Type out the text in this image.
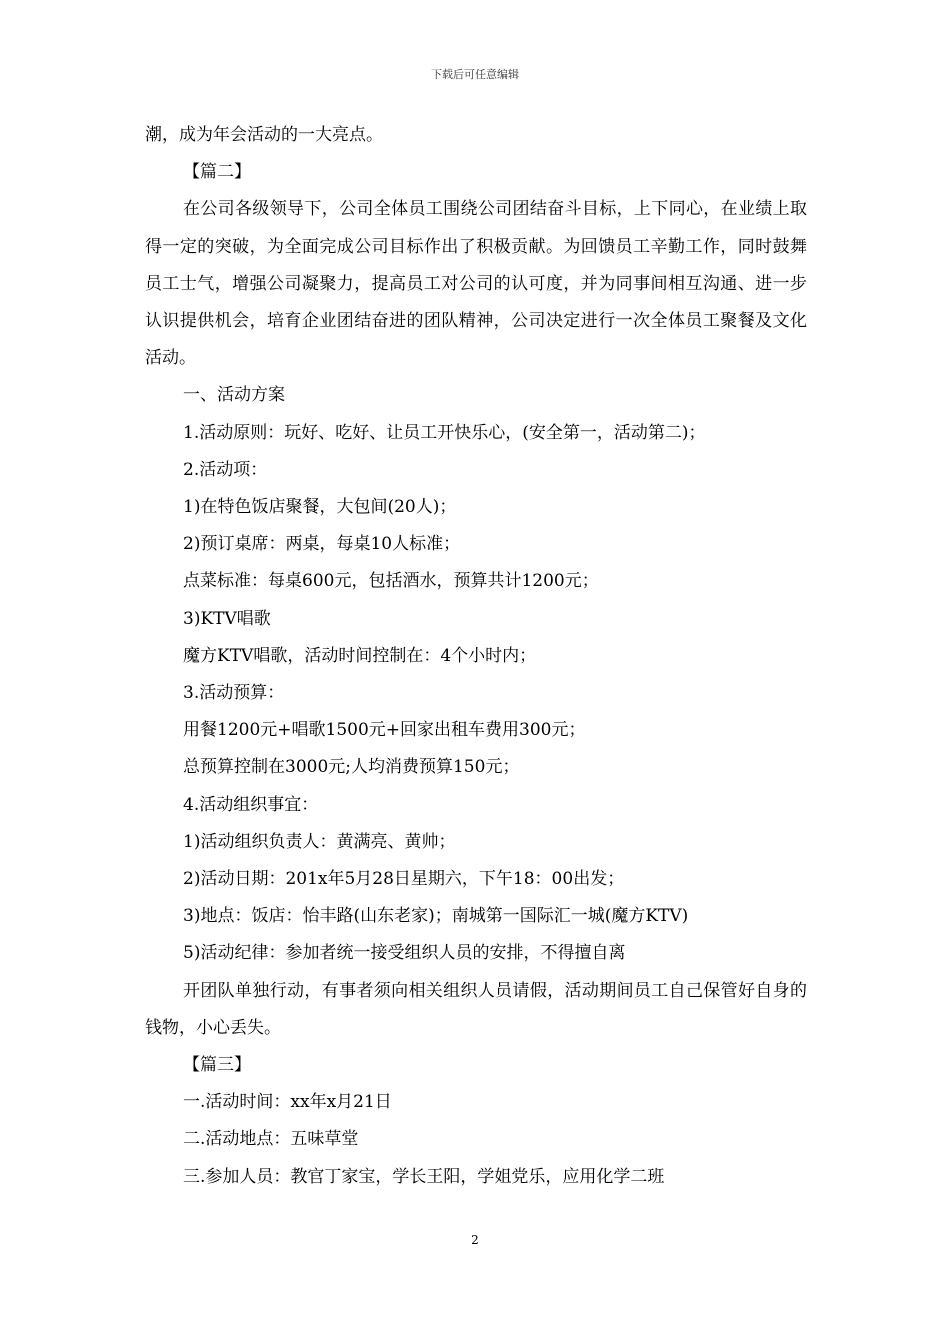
下载后可任意编辑

潮，成为年会活动的一大亮点。

【篇二】

在公司各级领导下，公司全体员工围绕公司团结奋斗目标，上下同心，在业绩上取得一定的突破，为全面完成公司目标作出了积极贡献。为回馈员工辛勤工作，同时鼓舞员工士气，增强公司凝聚力，提高员工对公司的认可度，并为同事间相互沟通、进一步认识提供机会，培育企业团结奋进的团队精神，公司决定进行一次全体员工聚餐及文化活动。

一、活动方案

1.活动原则：玩好、吃好、让员工开快乐心，(安全第一，活动第二)；

2.活动项：

1)在特色饭店聚餐，大包间(20人)；

2)预订桌席：两桌，每桌10人标准；

点菜标准：每桌600元，包括酒水，预算共计1200元；

3)KTV唱歌

魔方KTV唱歌，活动时间控制在：4个小时内；

3.活动预算：

用餐1200元+唱歌1500元+回家出租车费用300元；

总预算控制在3000元;人均消费预算150元；

4.活动组织事宜：

1)活动组织负责人：黄满亮、黄帅；

2)活动日期：201x年5月28日星期六，下午18：00出发；

3)地点：饭店：怡丰路(山东老家)；南城第一国际汇一城(魔方KTV)

5)活动纪律：参加者统一接受组织人员的安排，不得擅自离

开团队单独行动，有事者须向相关组织人员请假，活动期间员工自己保管好自身的钱物，小心丢失。

【篇三】

一.活动时间：xx年x月21日

二.活动地点：五味草堂

三.参加人员：教官丁家宝，学长王阳，学姐党乐，应用化学二班

2
